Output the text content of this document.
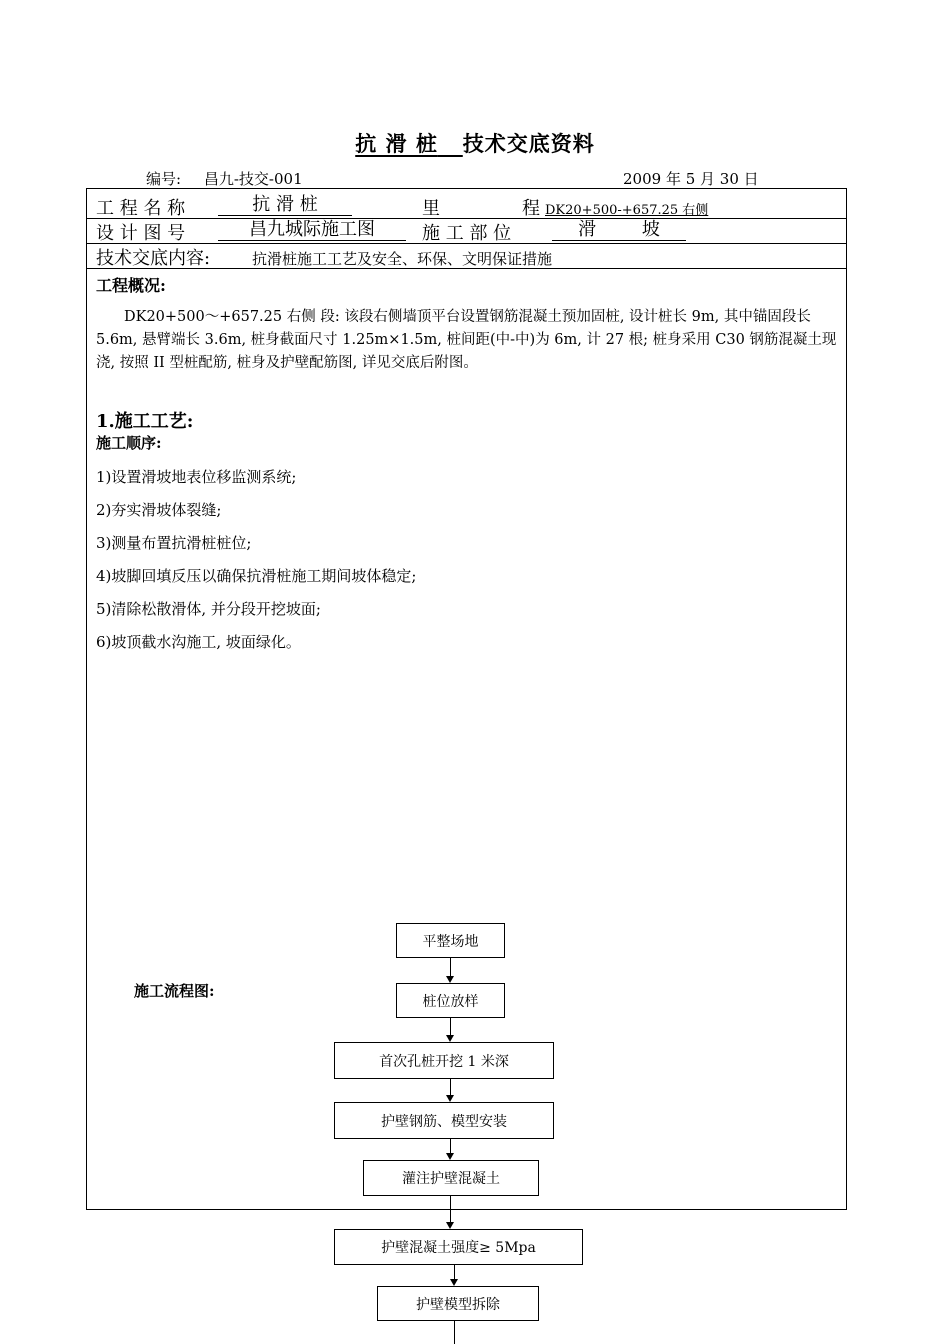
抗 滑 桩 技术交底资料
编号: 昌九-技交-001	2009 年 5 月 30 日
工 程 名 称	抗 滑 桩	里	程 DK20+500-+657.25 右侧
设 计 图 号	昌九城际施工图	施 工 部 位	滑 坡
技术交底内容:	抗滑桩施工工艺及安全、环保、文明保证措施
工程概况:
DK20+500～+657.25 右侧 段: 该段右侧墙顶平台设置钢筋混凝土预加固桩, 设计桩长 9m, 其中锚固段长 5.6m, 悬臂端长 3.6m, 桩身截面尺寸 1.25m×1.5m, 桩间距(中-中)为 6m, 计 27 根; 桩身采用 C30 钢筋混凝土现浇, 按照 II 型桩配筋, 桩身及护壁配筋图, 详见交底后附图。
1.施工工艺:
施工顺序:
1)设置滑坡地表位移监测系统;
2)夯实滑坡体裂缝;
3)测量布置抗滑桩桩位;
4)坡脚回填反压以确保抗滑桩施工期间坡体稳定;
5)清除松散滑体, 并分段开挖坡面;
6)坡顶截水沟施工, 坡面绿化。
施工流程图:
平整场地
桩位放样
首次孔桩开挖 1 米深
护壁钢筋、模型安装
灌注护壁混凝土
护壁混凝土强度≥ 5Mpa
护壁模型拆除
